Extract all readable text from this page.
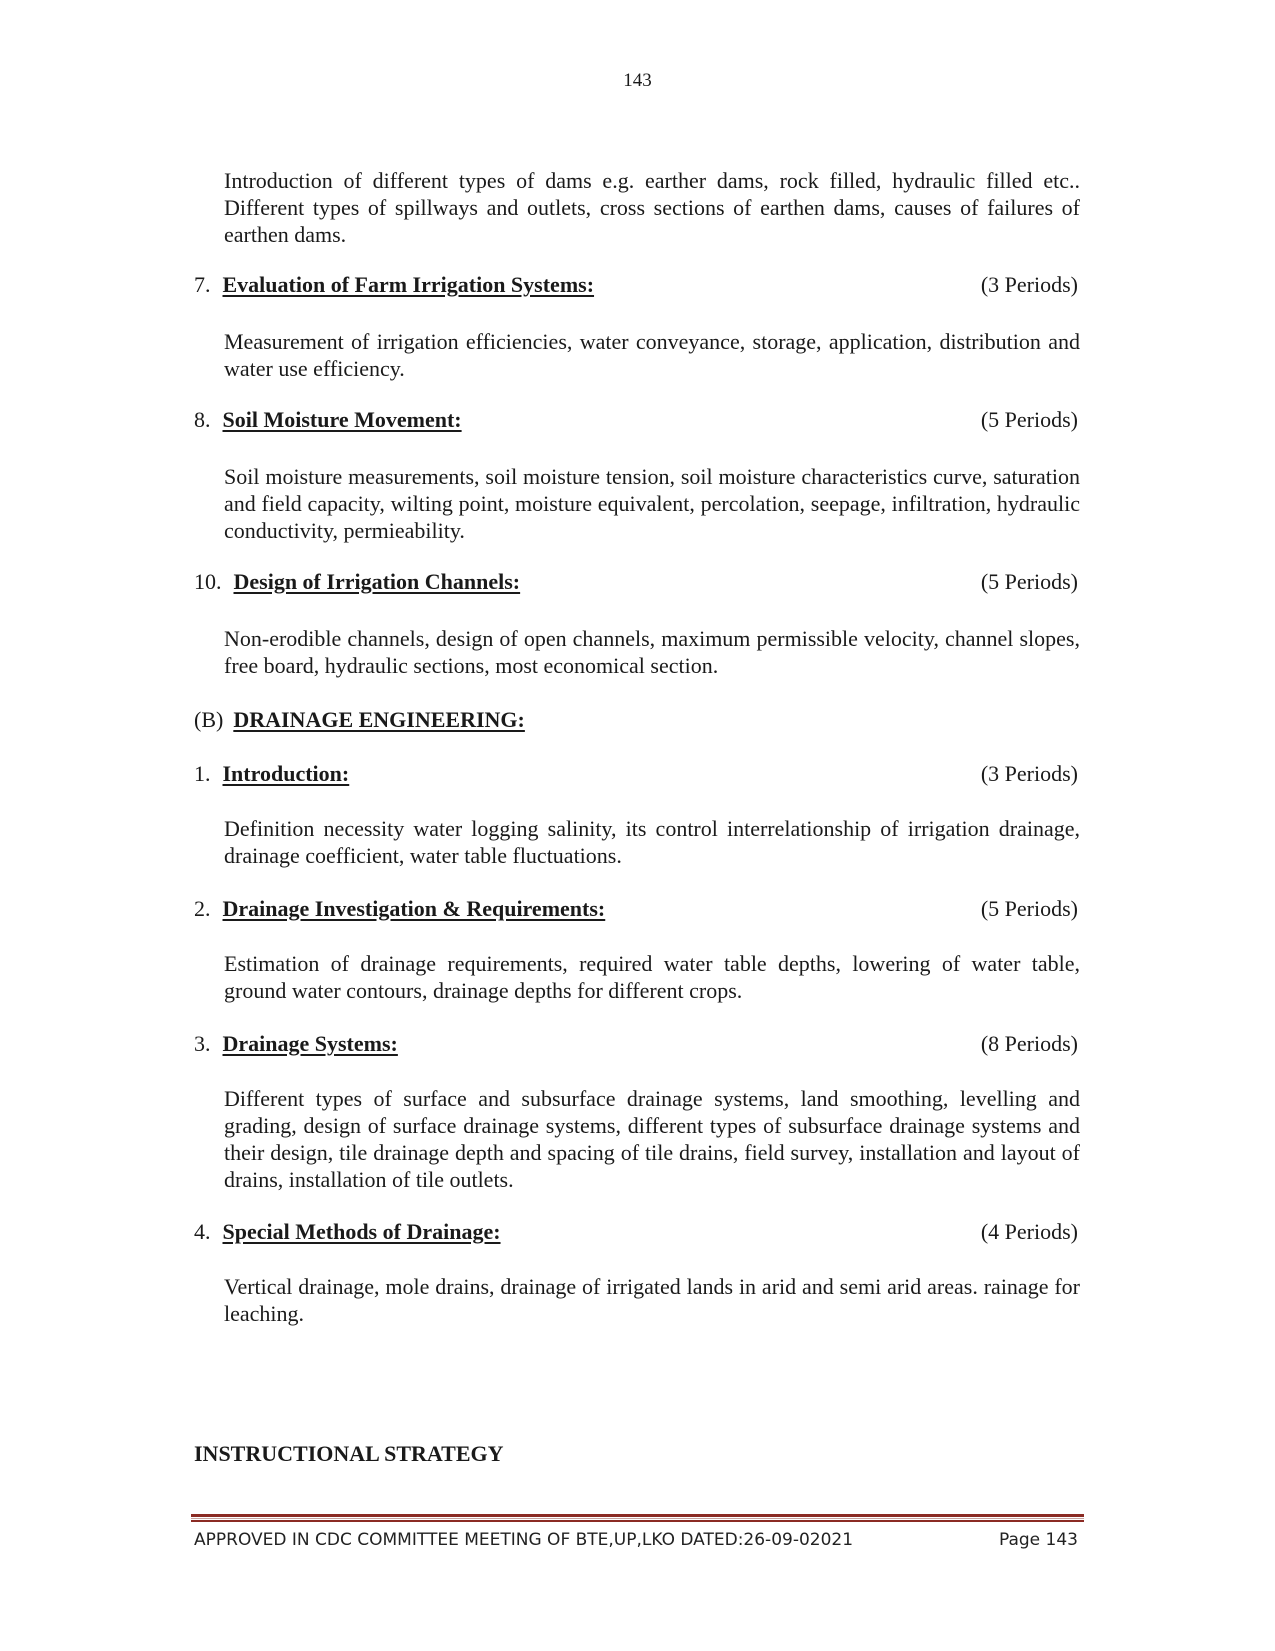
143

Introduction of different types of dams e.g. earther dams, rock filled, hydraulic filled etc.. Different types of spillways and outlets, cross sections of earthen dams, causes of failures of earthen dams.

7. Evaluation of Farm Irrigation Systems:	(3 Periods)

Measurement of irrigation efficiencies, water conveyance, storage, application, distribution and water use efficiency.

8. Soil Moisture Movement:	(5 Periods)

Soil moisture measurements, soil moisture tension, soil moisture characteristics curve, saturation and field capacity, wilting point, moisture equivalent, percolation, seepage, infiltration, hydraulic conductivity, permieability.

10. Design of Irrigation Channels:	(5 Periods)

Non-erodible channels, design of open channels, maximum permissible velocity, channel slopes, free board, hydraulic sections, most economical section.

(B) DRAINAGE ENGINEERING:
1. Introduction:	(3 Periods)

Definition necessity water logging salinity, its control interrelationship of irrigation drainage, drainage coefficient, water table fluctuations.

2. Drainage Investigation & Requirements:	(5 Periods)

Estimation of drainage requirements, required water table depths, lowering of water table, ground water contours, drainage depths for different crops.

3. Drainage Systems:	(8 Periods)

Different types of surface and subsurface drainage systems, land smoothing, levelling and grading, design of surface drainage systems, different types of subsurface drainage systems and their design, tile drainage depth and spacing of tile drains, field survey, installation and layout of drains, installation of tile outlets.

4. Special Methods of Drainage:	(4 Periods)

Vertical drainage, mole drains, drainage of irrigated lands in arid and semi arid areas. rainage for leaching.

INSTRUCTIONAL STRATEGY
APPROVED IN CDC COMMITTEE MEETING OF BTE,UP,LKO DATED:26-09-02021	Page 143
